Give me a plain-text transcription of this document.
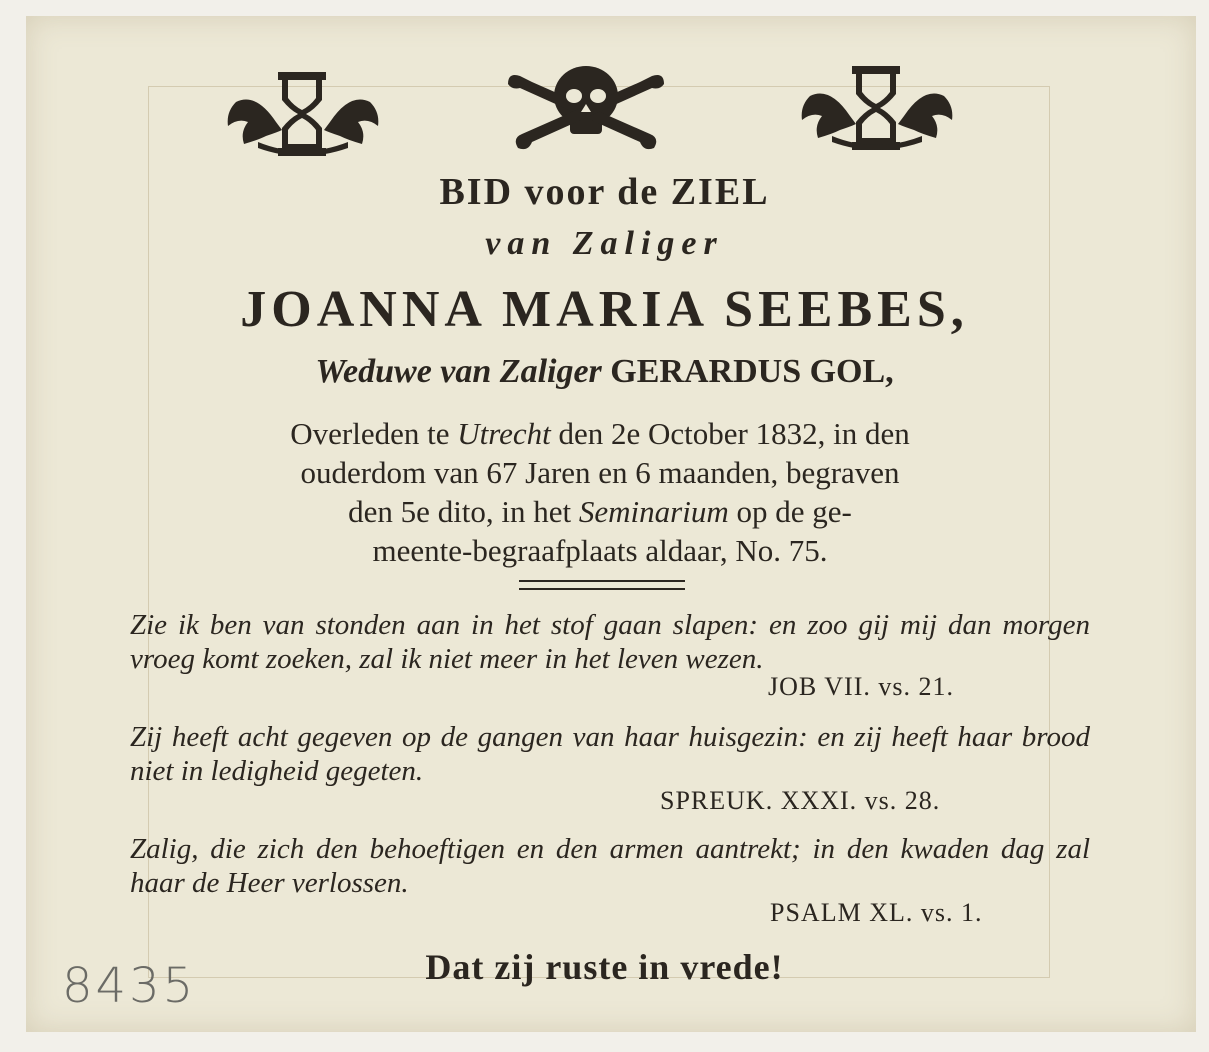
BID voor de ZIEL
van Zaliger
JOANNA MARIA SEEBES,
Weduwe van Zaliger GERARDUS GOL,
Overleden te Utrecht den 2e October 1832, in den
ouderdom van 67 Jaren en 6 maanden, begraven
den 5e dito, in het Seminarium op de ge-
meente-begraafplaats aldaar, No. 75.
Zie ik ben van stonden aan in het stof gaan slapen: en zoo gij mij dan morgen vroeg komt zoeken, zal ik niet meer in het leven wezen.
JOB VII. vs. 21.
Zij heeft acht gegeven op de gangen van haar huisgezin: en zij heeft haar brood niet in ledigheid gegeten.
SPREUK. XXXI. vs. 28.
Zalig, die zich den behoeftigen en den armen aantrekt; in den kwaden dag zal haar de Heer verlossen.
PSALM XL. vs. 1.
Dat zij ruste in vrede!
8435
